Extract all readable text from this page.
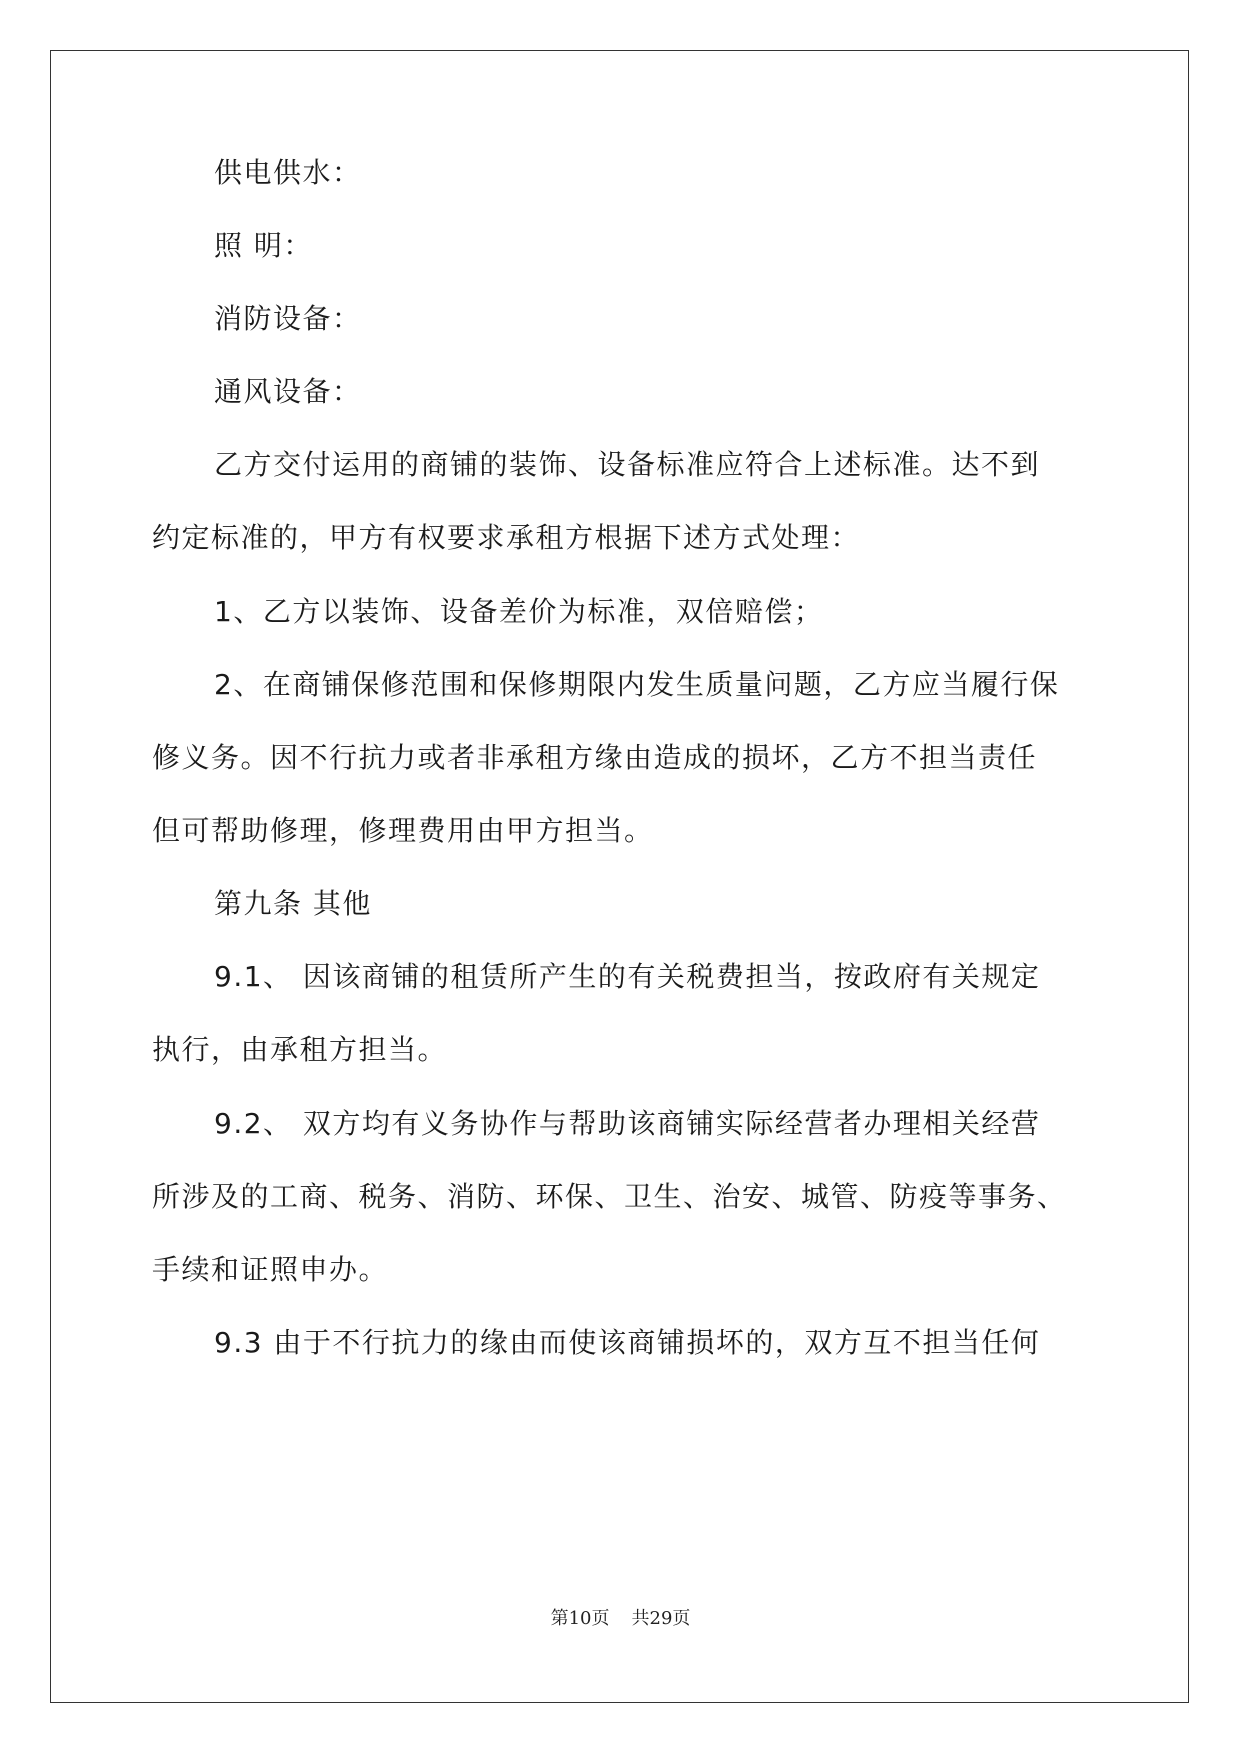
供电供水：
照 明：
消防设备：
通风设备：
乙方交付运用的商铺的装饰、设备标准应符合上述标准。达不到
约定标准的，甲方有权要求承租方根据下述方式处理：
1、乙方以装饰、设备差价为标准，双倍赔偿；
2、在商铺保修范围和保修期限内发生质量问题，乙方应当履行保
修义务。因不行抗力或者非承租方缘由造成的损坏，乙方不担当责任
但可帮助修理，修理费用由甲方担当。
第九条 其他
9.1、 因该商铺的租赁所产生的有关税费担当，按政府有关规定
执行，由承租方担当。
9.2、 双方均有义务协作与帮助该商铺实际经营者办理相关经营
所涉及的工商、税务、消防、环保、卫生、治安、城管、防疫等事务、
手续和证照申办。
9.3 由于不行抗力的缘由而使该商铺损坏的，双方互不担当任何
第10页 共29页
